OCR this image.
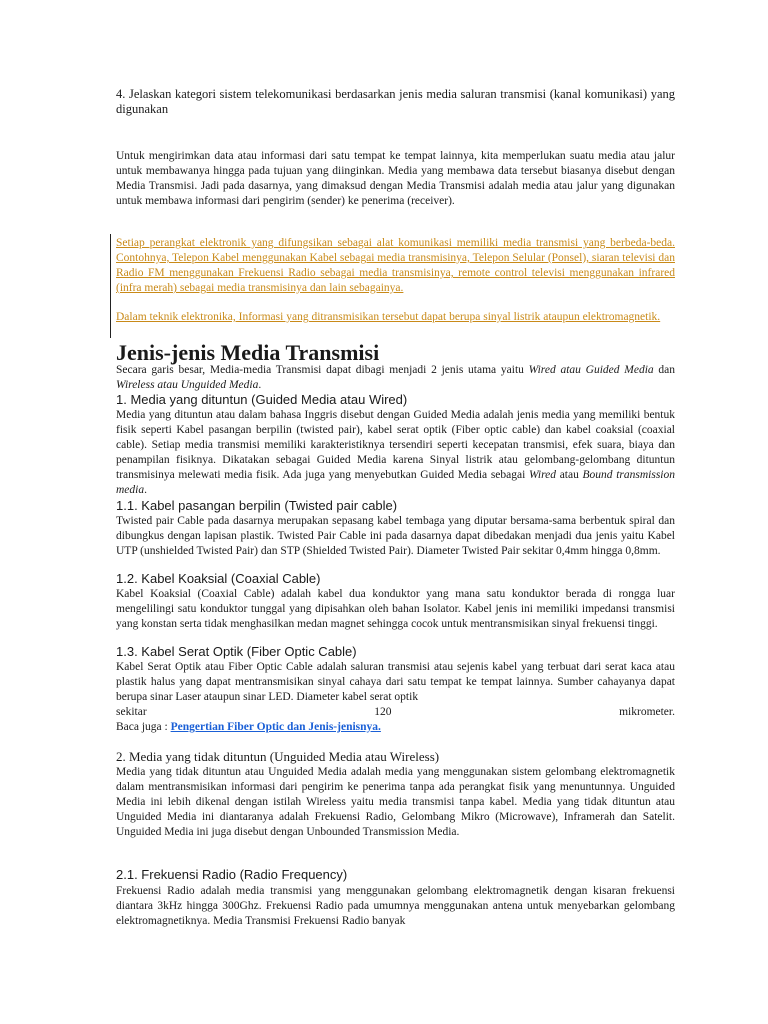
4. Jelaskan kategori sistem telekomunikasi berdasarkan jenis media saluran transmisi (kanal komunikasi) yang digunakan
Untuk mengirimkan data atau informasi dari satu tempat ke tempat lainnya, kita memperlukan suatu media atau jalur untuk membawanya hingga pada tujuan yang diinginkan. Media yang membawa data tersebut biasanya disebut dengan Media Transmisi. Jadi pada dasarnya, yang dimaksud dengan Media Transmisi adalah media atau jalur yang digunakan untuk membawa informasi dari pengirim (sender) ke penerima (receiver).
Setiap perangkat elektronik yang difungsikan sebagai alat komunikasi memiliki media transmisi yang berbeda-beda. Contohnya, Telepon Kabel menggunakan Kabel sebagai media transmisinya, Telepon Selular (Ponsel), siaran televisi dan Radio FM menggunakan Frekuensi Radio sebagai media transmisinya, remote control televisi menggunakan infrared (infra merah) sebagai media transmisinya dan lain sebagainya.
Dalam teknik elektronika, Informasi yang ditransmisikan tersebut dapat berupa sinyal listrik ataupun elektromagnetik.
Jenis-jenis Media Transmisi
Secara garis besar, Media-media Transmisi dapat dibagi menjadi 2 jenis utama yaitu Wired atau Guided Media dan Wireless atau Unguided Media.
1. Media yang dituntun (Guided Media atau Wired)
Media yang dituntun atau dalam bahasa Inggris disebut dengan Guided Media adalah jenis media yang memiliki bentuk fisik seperti Kabel pasangan berpilin (twisted pair), kabel serat optik (Fiber optic cable) dan kabel coaksial (coaxial cable). Setiap media transmisi memiliki karakteristiknya tersendiri seperti kecepatan transmisi, efek suara, biaya dan penampilan fisiknya. Dikatakan sebagai Guided Media karena Sinyal listrik atau gelombang-gelombang dituntun transmisinya melewati media fisik. Ada juga yang menyebutkan Guided Media sebagai Wired atau Bound transmission media.
1.1. Kabel pasangan berpilin (Twisted pair cable)
Twisted pair Cable pada dasarnya merupakan sepasang kabel tembaga yang diputar bersama-sama berbentuk spiral dan dibungkus dengan lapisan plastik. Twisted Pair Cable ini pada dasarnya dapat dibedakan menjadi dua jenis yaitu Kabel UTP (unshielded Twisted Pair) dan STP (Shielded Twisted Pair). Diameter Twisted Pair sekitar 0,4mm hingga 0,8mm.
1.2. Kabel Koaksial (Coaxial Cable)
Kabel Koaksial (Coaxial Cable) adalah kabel dua konduktor yang mana satu konduktor berada di rongga luar mengelilingi satu konduktor tunggal yang dipisahkan oleh bahan Isolator. Kabel jenis ini memiliki impedansi transmisi yang konstan serta tidak menghasilkan medan magnet sehingga cocok untuk mentransmisikan sinyal frekuensi tinggi.
1.3. Kabel Serat Optik (Fiber Optic Cable)
Kabel Serat Optik atau Fiber Optic Cable adalah saluran transmisi atau sejenis kabel yang terbuat dari serat kaca atau plastik halus yang dapat mentransmisikan sinyal cahaya dari satu tempat ke tempat lainnya. Sumber cahayanya dapat berupa sinar Laser ataupun sinar LED. Diameter kabel serat optik
sekitar	120	mikrometer.
Baca juga : Pengertian Fiber Optic dan Jenis-jenisnya.
2. Media yang tidak dituntun (Unguided Media atau Wireless)
Media yang tidak dituntun atau Unguided Media adalah media yang menggunakan sistem gelombang elektromagnetik dalam mentransmisikan informasi dari pengirim ke penerima tanpa ada perangkat fisik yang menuntunnya. Unguided Media ini lebih dikenal dengan istilah Wireless yaitu media transmisi tanpa kabel. Media yang tidak dituntun atau Unguided Media ini diantaranya adalah Frekuensi Radio, Gelombang Mikro (Microwave), Inframerah dan Satelit. Unguided Media ini juga disebut dengan Unbounded Transmission Media.
2.1. Frekuensi Radio (Radio Frequency)
Frekuensi Radio adalah media transmisi yang menggunakan gelombang elektromagnetik dengan kisaran frekuensi diantara 3kHz hingga 300Ghz. Frekuensi Radio pada umumnya menggunakan antena untuk menyebarkan gelombang elektromagnetiknya. Media Transmisi Frekuensi Radio banyak
